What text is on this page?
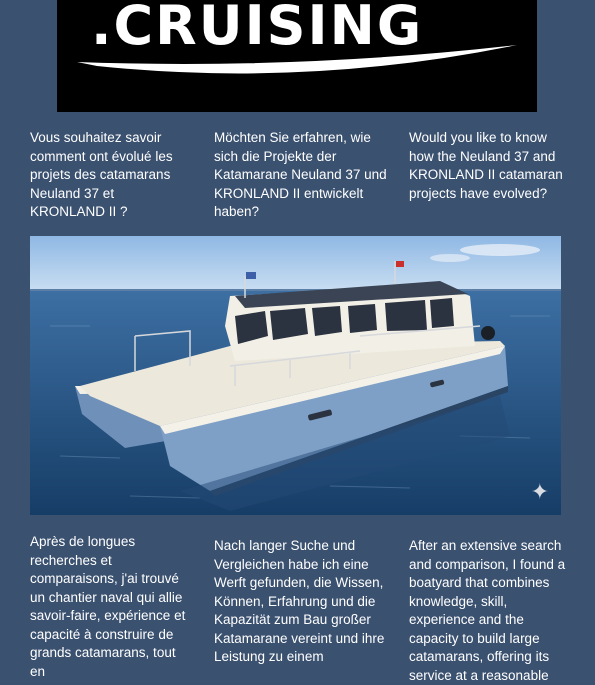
.CRUISING
Vous souhaitez savoir comment ont évolué les projets des catamarans Neuland 37 et KRONLAND II ?
Möchten Sie erfahren, wie sich die Projekte der Katamarane Neuland 37 und KRONLAND II entwickelt haben?
Would you like to know how the Neuland 37 and KRONLAND II catamaran projects have evolved?
✦
Après de longues recherches et comparaisons, j'ai trouvé un chantier naval qui allie savoir-faire, expérience et capacité à construire de grands catamarans, tout en
Nach langer Suche und Vergleichen habe ich eine Werft gefunden, die Wissen, Können, Erfahrung und die Kapazität zum Bau großer Katamarane vereint und ihre Leistung zu einem
After an extensive search and comparison, I found a boatyard that combines knowledge, skill, experience and the capacity to build large catamarans, offering its service at a reasonable
